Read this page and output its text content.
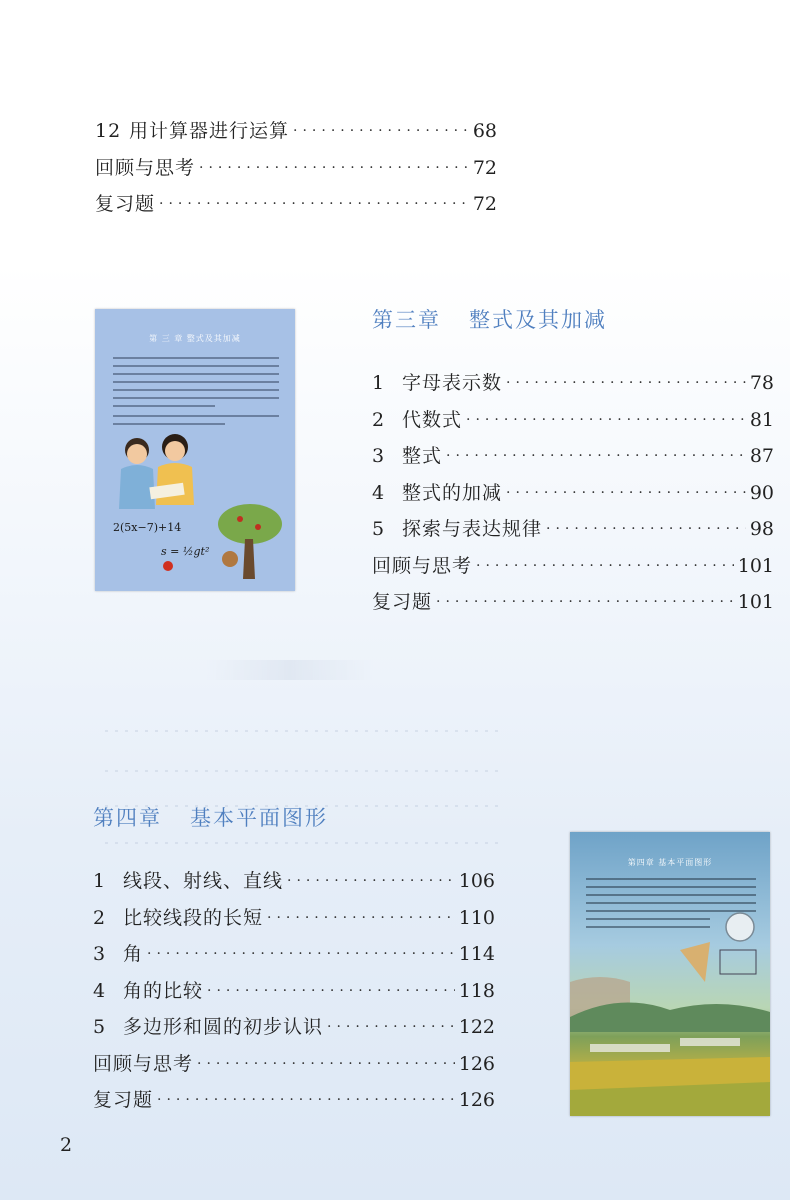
12 用计算器进行运算 ·····	68
回顾与思考 ·····	72
复习题 ·····	72
第 三 章 整式及其加减
2(5x−7)+14
s = ½gt²
第三章 整式及其加减
1 字母表示数 ·····	78
2 代数式 ·····	81
3 整式 ·····	87
4 整式的加减 ·····	90
5 探索与表达规律 ·····	98
回顾与思考 ·····	101
复习题 ·····	101
第四章 基本平面图形
1 线段、射线、直线 ·····	106
2 比较线段的长短 ·····	110
3 角 ·····	114
4 角的比较 ·····	118
5 多边形和圆的初步认识 ·····	122
回顾与思考 ·····	126
复习题 ·····	126
第四章 基本平面图形
2
